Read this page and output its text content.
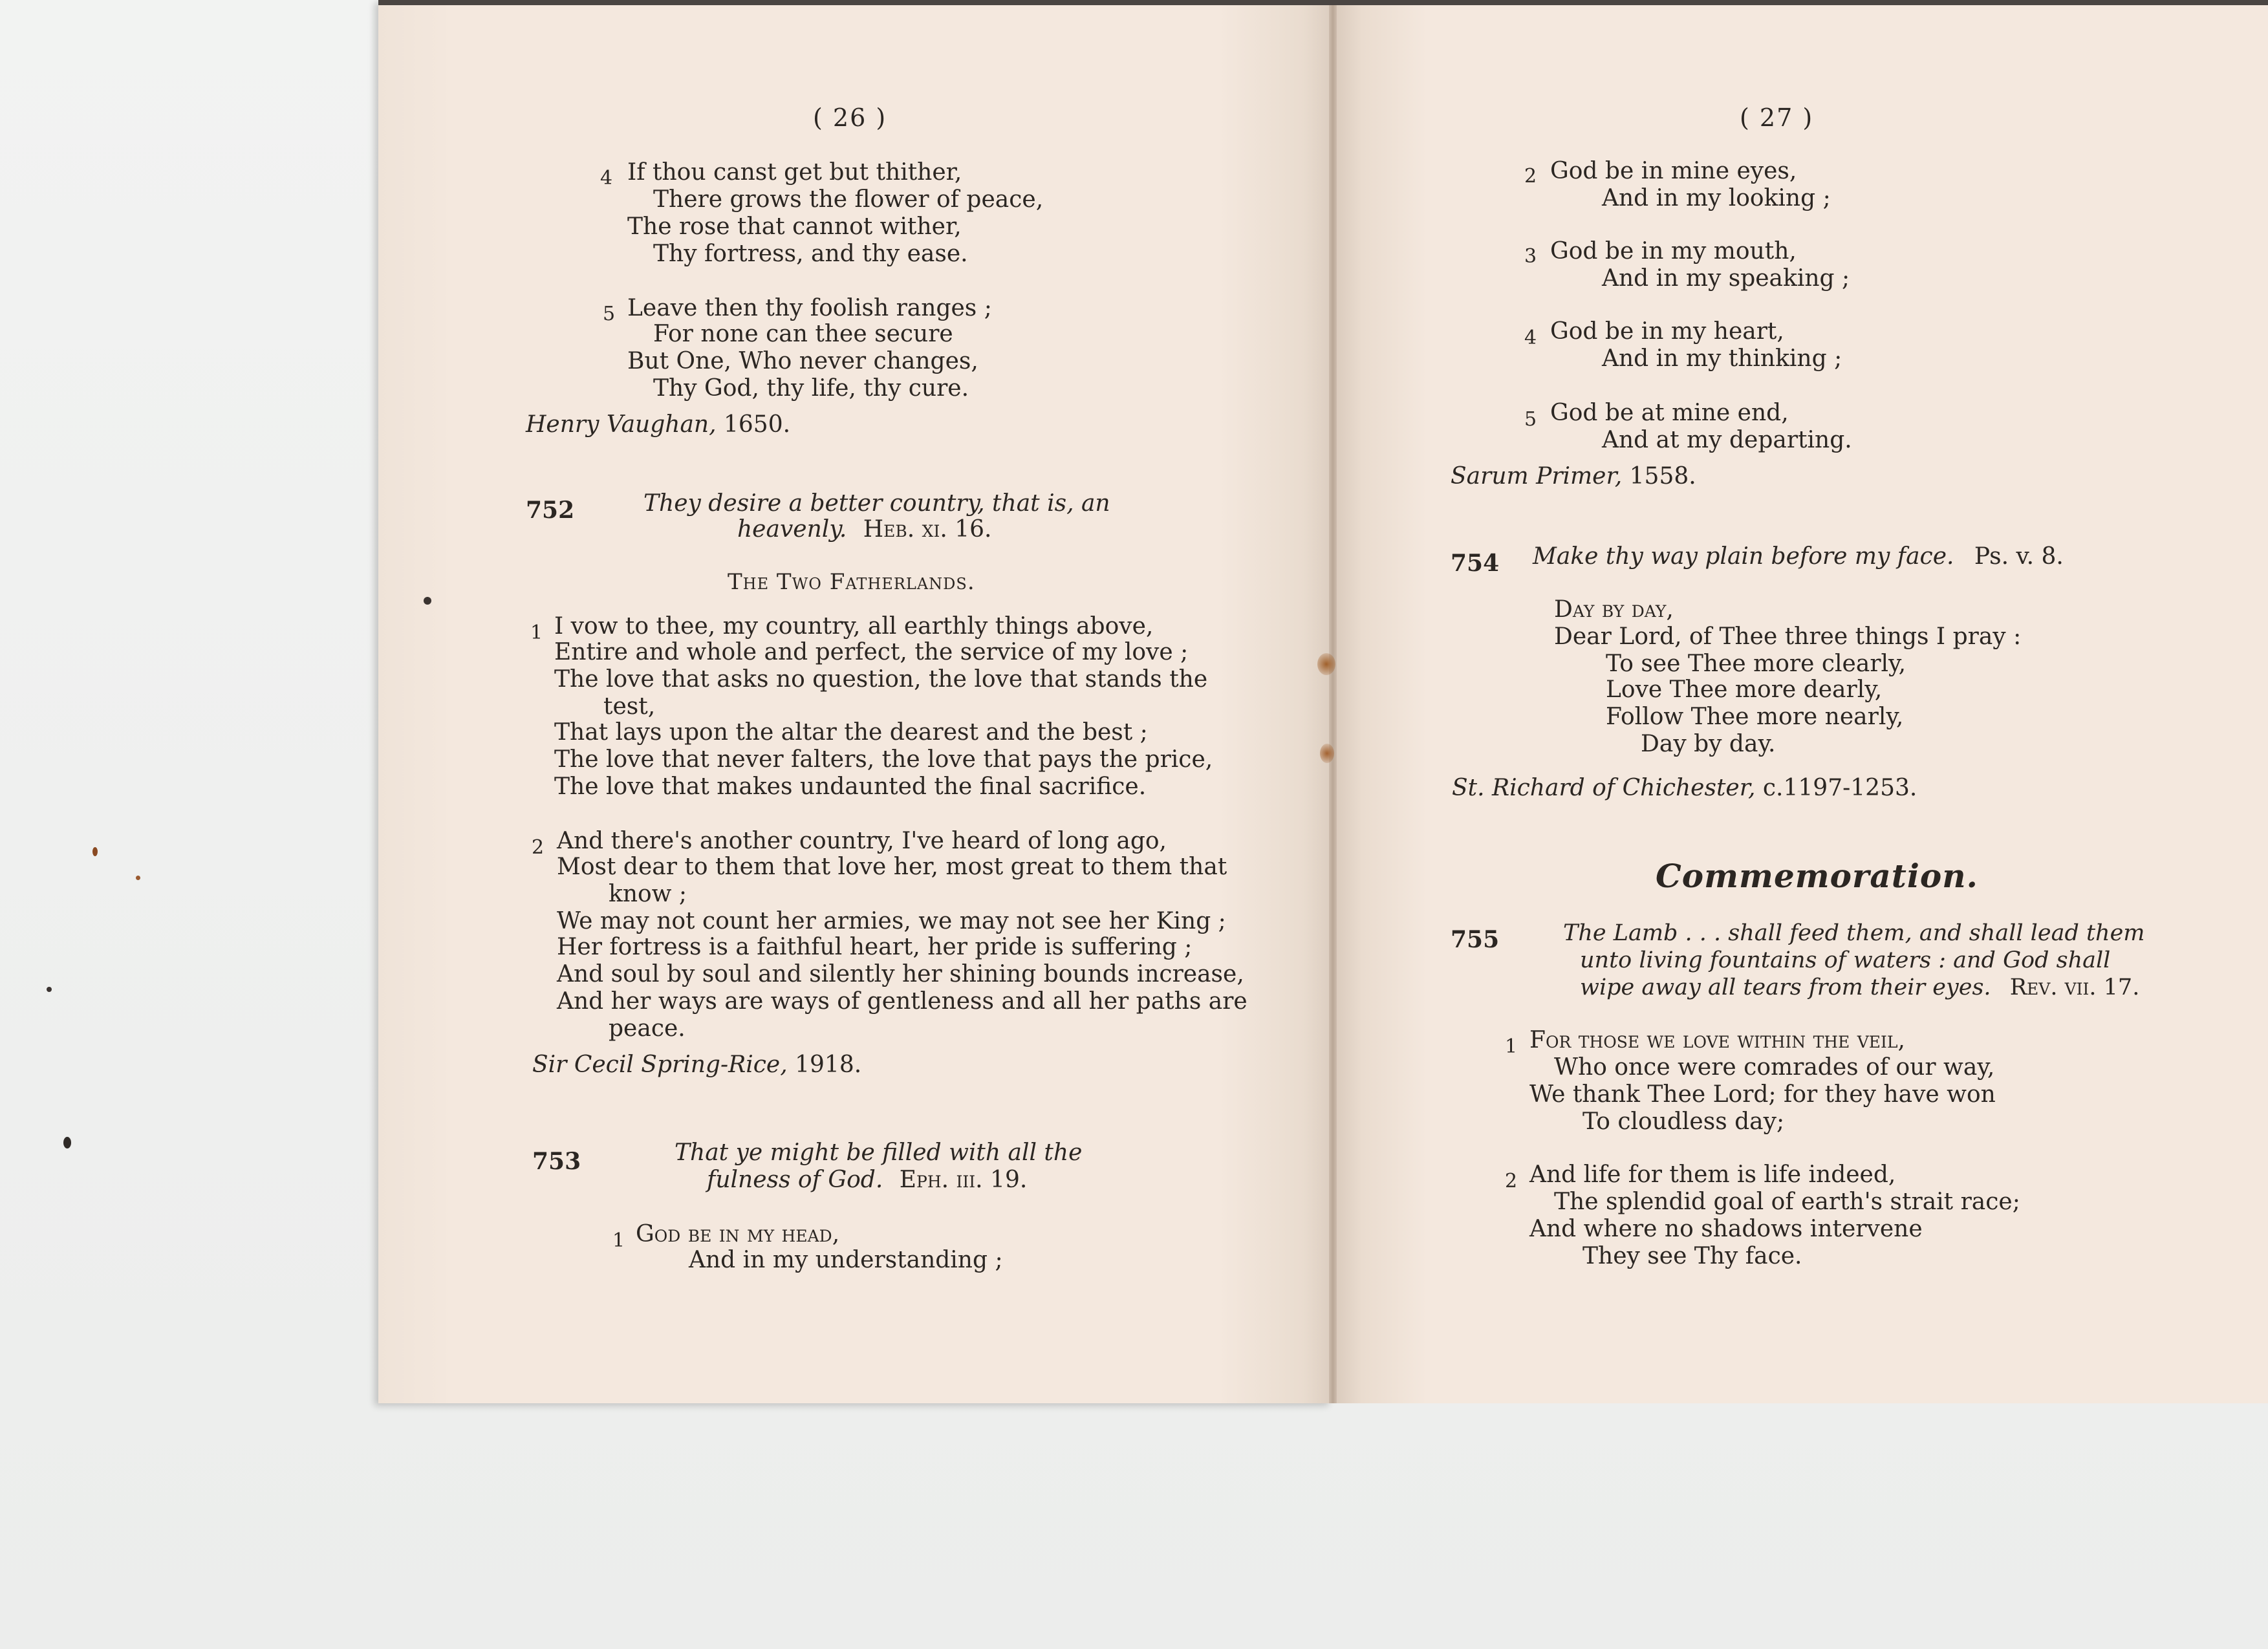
( 26 )
4 If thou canst get but thither,
There grows the flower of peace,
The rose that cannot wither,
Thy fortress, and thy ease.
5 Leave then thy foolish ranges ;
For none can thee secure
But One, Who never changes,
Thy God, thy life, thy cure.
Henry Vaughan, 1650.
752	They desire a better country, that is, an
heavenly. Heb. xi. 16.
The Two Fatherlands.
1 I vow to thee, my country, all earthly things above,
Entire and whole and perfect, the service of my love ;
The love that asks no question, the love that stands the
test,
That lays upon the altar the dearest and the best ;
The love that never falters, the love that pays the price,
The love that makes undaunted the final sacrifice.
2 And there's another country, I've heard of long ago,
Most dear to them that love her, most great to them that
know ;
We may not count her armies, we may not see her King ;
Her fortress is a faithful heart, her pride is suffering ;
And soul by soul and silently her shining bounds increase,
And her ways are ways of gentleness and all her paths are
peace.
Sir Cecil Spring-Rice, 1918.
753	That ye might be filled with all the
fulness of God. Eph. iii. 19.
1 God be in my head,
And in my understanding ;
( 27 )
2 God be in mine eyes,
And in my looking ;
3 God be in my mouth,
And in my speaking ;
4 God be in my heart,
And in my thinking ;
5 God be at mine end,
And at my departing.
Sarum Primer, 1558.
754 Make thy way plain before my face. Ps. v. 8.
Day by day,
Dear Lord, of Thee three things I pray :
To see Thee more clearly,
Love Thee more dearly,
Follow Thee more nearly,
Day by day.
St. Richard of Chichester, c.1197-1253.
Commemoration.
755	The Lamb . . . shall feed them, and shall lead them
unto living fountains of waters : and God shall
wipe away all tears from their eyes. Rev. vii. 17.
1 For those we love within the veil,
Who once were comrades of our way,
We thank Thee Lord; for they have won
To cloudless day;
2 And life for them is life indeed,
The splendid goal of earth's strait race;
And where no shadows intervene
They see Thy face.
